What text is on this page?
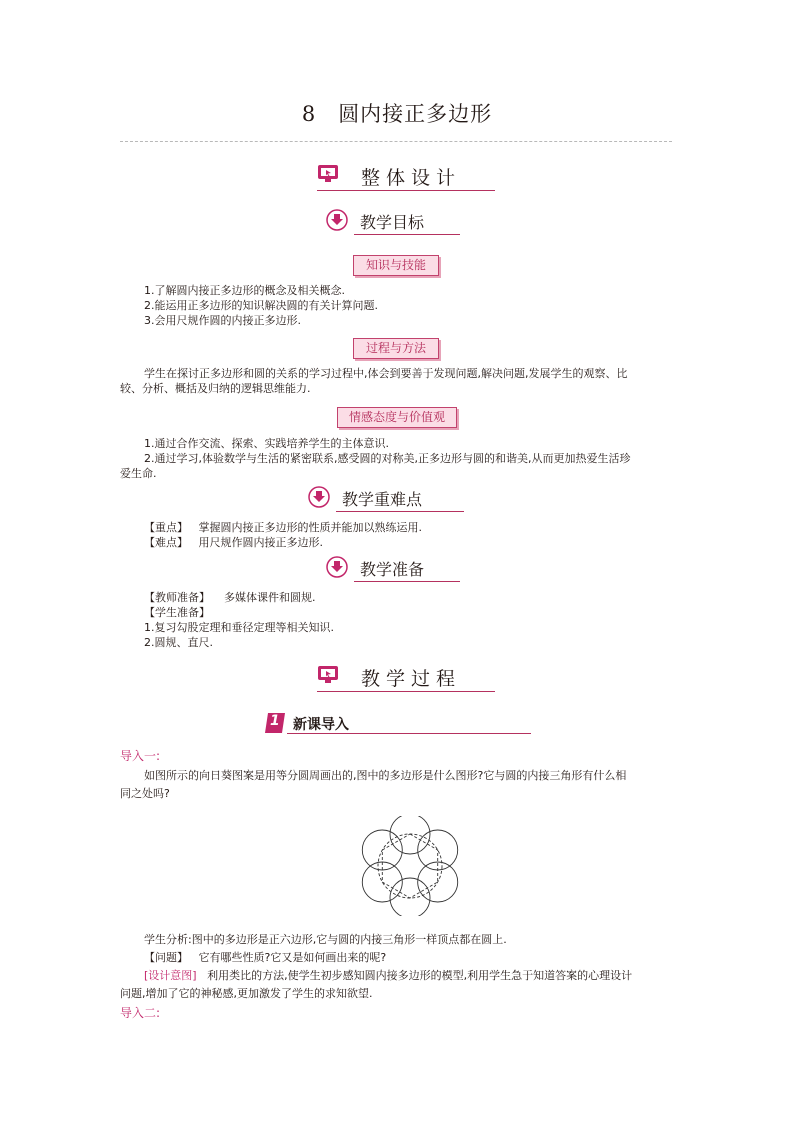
8 圆内接正多边形
整体设计
教学目标
知识与技能
1.了解圆内接正多边形的概念及相关概念.
2.能运用正多边形的知识解决圆的有关计算问题.
3.会用尺规作圆的内接正多边形.
过程与方法
学生在探讨正多边形和圆的关系的学习过程中,体会到要善于发现问题,解决问题,发展学生的观察、比
较、分析、概括及归纳的逻辑思维能力.
情感态度与价值观
1.通过合作交流、探索、实践培养学生的主体意识.
2.通过学习,体验数学与生活的紧密联系,感受圆的对称美,正多边形与圆的和谐美,从而更加热爱生活珍
爱生命.
教学重难点
【重点】 掌握圆内接正多边形的性质并能加以熟练运用.
【难点】 用尺规作圆内接正多边形.
教学准备
【教师准备】 多媒体课件和圆规.
【学生准备】
1.复习勾股定理和垂径定理等相关知识.
2.圆规、直尺.
教学过程
1 新课导入
导入一:
如图所示的向日葵图案是用等分圆周画出的,图中的多边形是什么图形?它与圆的内接三角形有什么相
同之处吗?
学生分析:图中的多边形是正六边形,它与圆的内接三角形一样顶点都在圆上.
【问题】 它有哪些性质?它又是如何画出来的呢?
[设计意图] 利用类比的方法,使学生初步感知圆内接多边形的模型,利用学生急于知道答案的心理设计
问题,增加了它的神秘感,更加激发了学生的求知欲望.
导入二:
